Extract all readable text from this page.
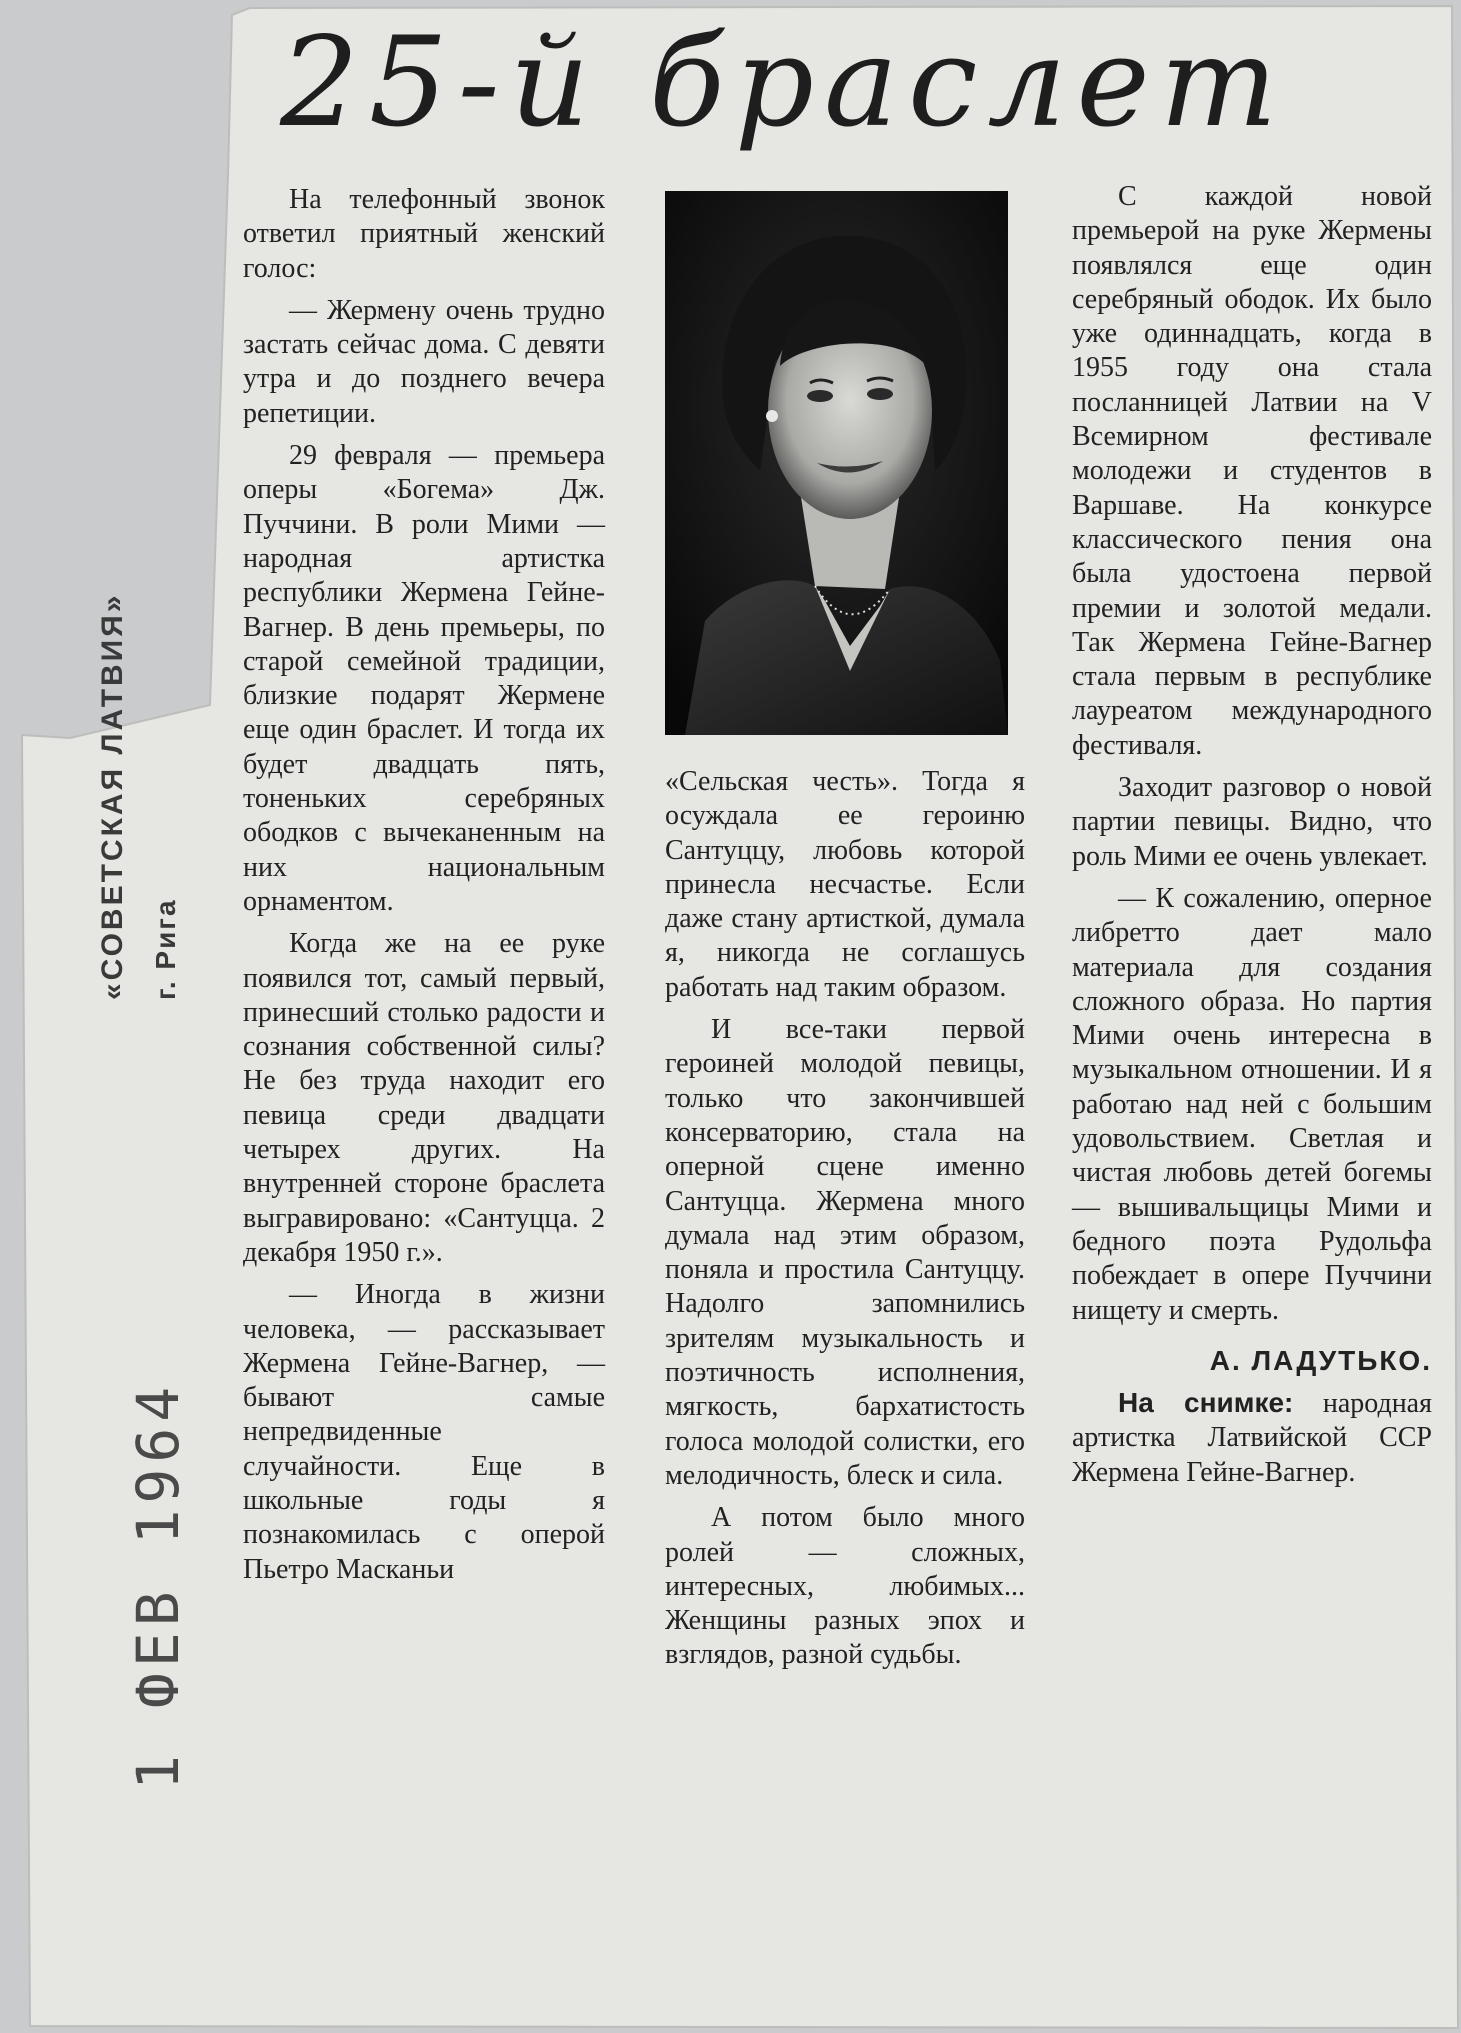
«СОВЕТСКАЯ ЛАТВИЯ» г. Рига
1 ФЕВ 1964
25-й браслет

На телефонный звонок ответил приятный женский голос:

— Жермену очень трудно застать сейчас дома. С девяти утра и до позднего вечера репетиции.

29 февраля — премьера оперы «Богема» Дж. Пуччини. В роли Мими — народная артистка республики Жермена Гейне-Вагнер. В день премьеры, по старой семейной традиции, близкие подарят Жермене еще один браслет. И тогда их будет двадцать пять, тоненьких серебряных ободков с вычеканенным на них национальным орнаментом.

Когда же на ее руке появился тот, самый первый, принесший столько радости и сознания собственной силы? Не без труда находит его певица среди двадцати четырех других. На внутренней стороне браслета выгравировано: «Сантуцца. 2 декабря 1950 г.».

— Иногда в жизни человека, — рассказывает Жермена Гейне-Вагнер, — бывают самые непредвиденные случайности. Еще в школьные годы я познакомилась с оперой Пьетро Масканьи

«Сельская честь». Тогда я осуждала ее героиню Сантуццу, любовь которой принесла несчастье. Если даже стану артисткой, думала я, никогда не соглашусь работать над таким образом.

И все-таки первой героиней молодой певицы, только что закончившей консерваторию, стала на оперной сцене именно Сантуцца. Жермена много думала над этим образом, поняла и простила Сантуццу. Надолго запомнились зрителям музыкальность и поэтичность исполнения, мягкость, бархатистость голоса молодой солистки, его мелодичность, блеск и сила.

А потом было много ролей — сложных, интересных, любимых... Женщины разных эпох и взглядов, разной судьбы.

С каждой новой премьерой на руке Жермены появлялся еще один серебряный ободок. Их было уже одиннадцать, когда в 1955 году она стала посланницей Латвии на V Всемирном фестивале молодежи и студентов в Варшаве. На конкурсе классического пения она была удостоена первой премии и золотой медали. Так Жермена Гейне-Вагнер стала первым в республике лауреатом международного фестиваля.

Заходит разговор о новой партии певицы. Видно, что роль Мими ее очень увлекает.

— К сожалению, оперное либретто дает мало материала для создания сложного образа. Но партия Мими очень интересна в музыкальном отношении. И я работаю над ней с большим удовольствием. Светлая и чистая любовь детей богемы — вышивальщицы Мими и бедного поэта Рудольфа побеждает в опере Пуччини нищету и смерть.

А. ЛАДУТЬКО.

На снимке: народная артистка Латвийской ССР Жермена Гейне-Вагнер.
